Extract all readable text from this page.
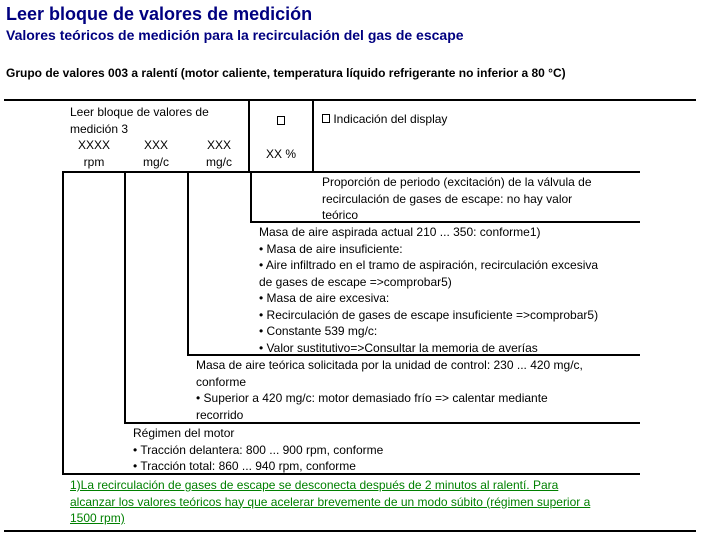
Leer bloque de valores de medición
Valores teóricos de medición para la recirculación del gas de escape
Grupo de valores 003 a ralentí (motor caliente, temperatura líquido refrigerante no inferior a 80 °C)
Leer bloque de valores de
medición 3
XXXX
rpm
XXX
mg/c
XXX
mg/c
XX %
Indicación del display
Proporción de periodo (excitación) de la válvula de
recirculación de gases de escape: no hay valor
teórico
Masa de aire aspirada actual 210 ... 350: conforme1)
• Masa de aire insuficiente:
• Aire infiltrado en el tramo de aspiración, recirculación excesiva
de gases de escape =>comprobar5)
• Masa de aire excesiva:
• Recirculación de gases de escape insuficiente =>comprobar5)
• Constante 539 mg/c:
• Valor sustitutivo=>Consultar la memoria de averías
Masa de aire teórica solicitada por la unidad de control: 230 ... 420 mg/c,
conforme
• Superior a 420 mg/c: motor demasiado frío => calentar mediante
recorrido
Régimen del motor
• Tracción delantera: 800 ... 900 rpm, conforme
• Tracción total: 860 ... 940 rpm, conforme
1)La recirculación de gases de escape se desconecta después de 2 minutos al ralentí. Para
alcanzar los valores teóricos hay que acelerar brevemente de un modo súbito (régimen superior a
1500 rpm)
